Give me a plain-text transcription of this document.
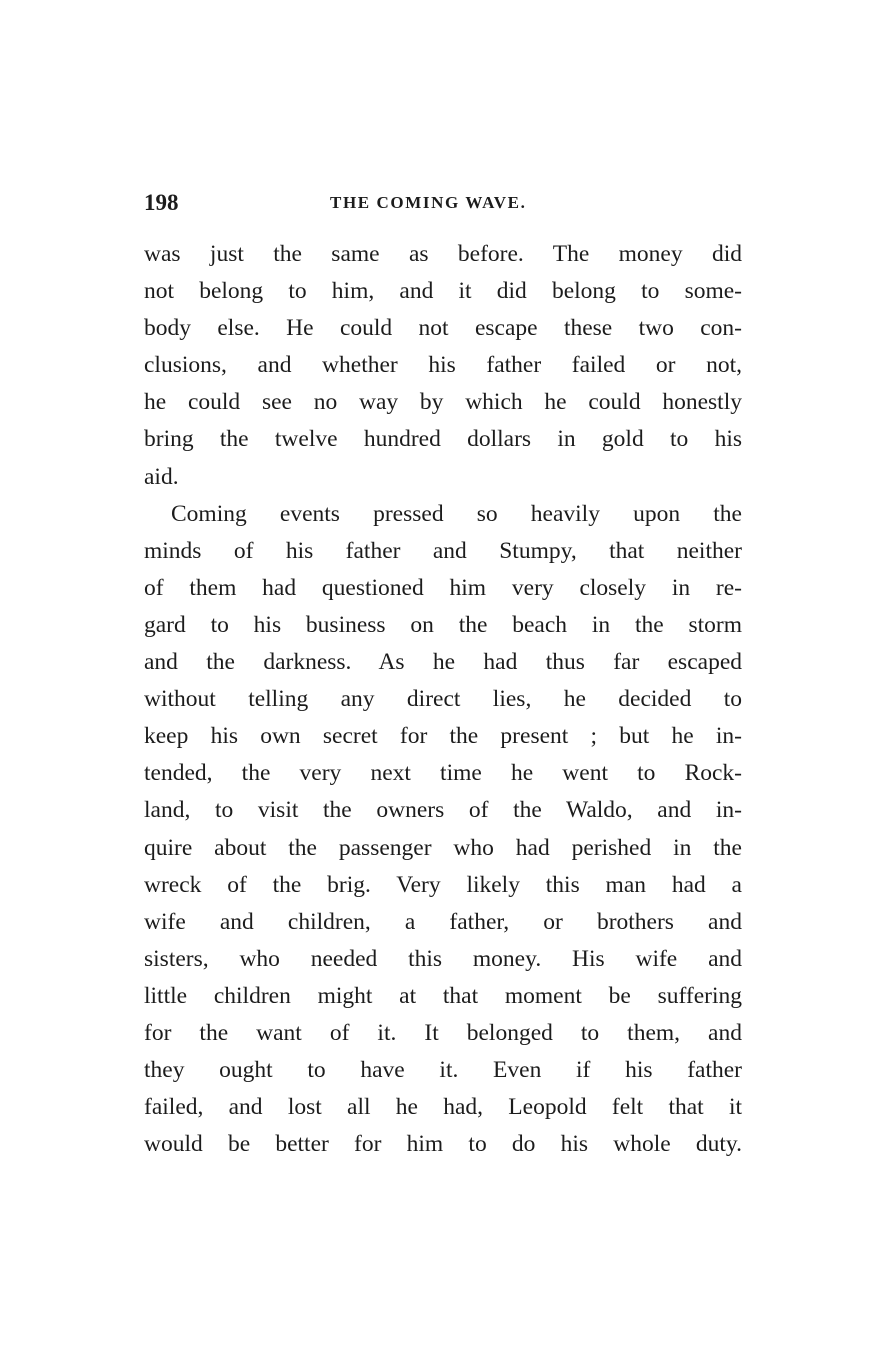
198	THE COMING WAVE.
was just the same as before. The money did
not belong to him, and it did belong to some-
body else. He could not escape these two con-
clusions, and whether his father failed or not,
he could see no way by which he could honestly
bring the twelve hundred dollars in gold to his
aid.
Coming events pressed so heavily upon the
minds of his father and Stumpy, that neither
of them had questioned him very closely in re-
gard to his business on the beach in the storm
and the darkness. As he had thus far escaped
without telling any direct lies, he decided to
keep his own secret for the present ; but he in-
tended, the very next time he went to Rock-
land, to visit the owners of the Waldo, and in-
quire about the passenger who had perished in the
wreck of the brig. Very likely this man had a
wife and children, a father, or brothers and
sisters, who needed this money. His wife and
little children might at that moment be suffering
for the want of it. It belonged to them, and
they ought to have it. Even if his father
failed, and lost all he had, Leopold felt that it
would be better for him to do his whole duty.
